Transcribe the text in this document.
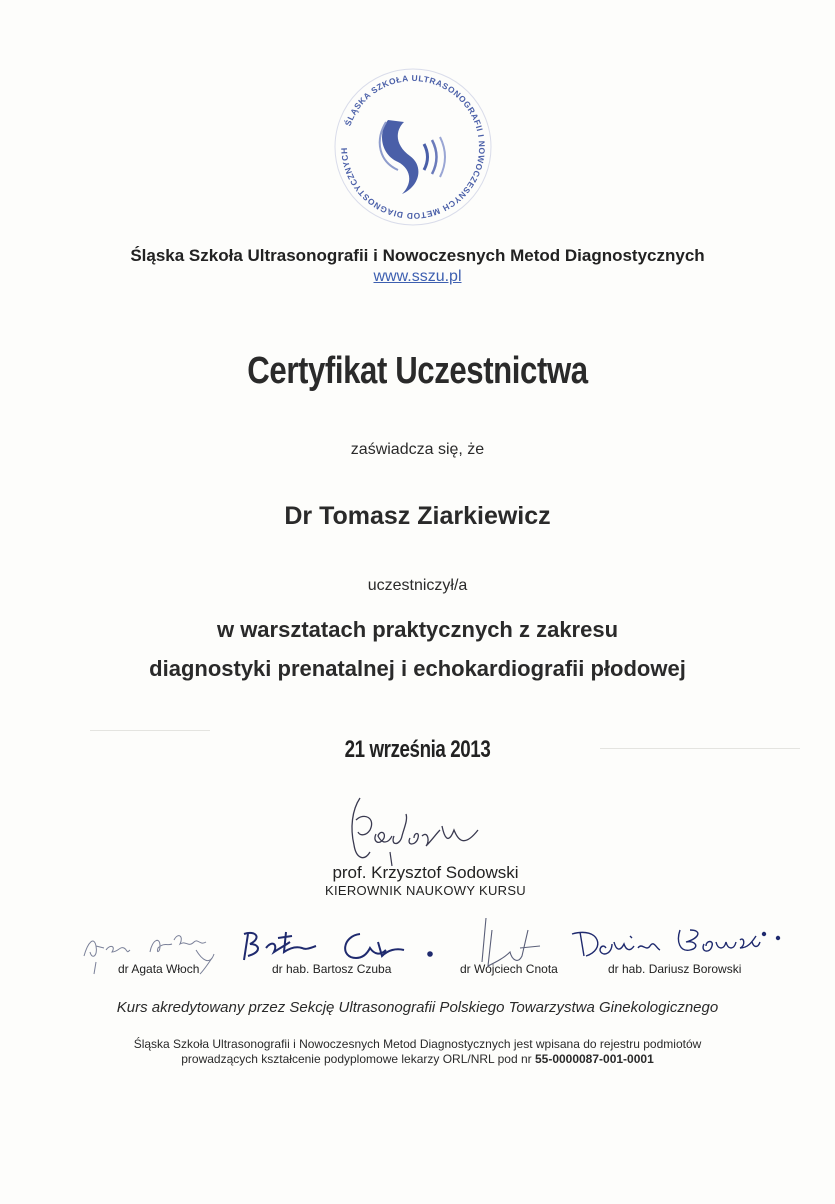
ŚLĄSKA SZKOŁA ULTRASONOGRAFII I NOWOCZESNYCH METOD DIAGNOSTYCZNYCH
Śląska Szkoła Ultrasonografii i Nowoczesnych Metod Diagnostycznych
www.sszu.pl
Certyfikat Uczestnictwa
zaświadcza się, że
Dr Tomasz Ziarkiewicz
uczestniczył/a
w warsztatach praktycznych z zakresu
diagnostyki prenatalnej i echokardiografii płodowej
21 września 2013
prof. Krzysztof Sodowski
KIEROWNIK NAUKOWY KURSU
dr Agata Włoch	dr hab. Bartosz Czuba	dr Wojciech Cnota	dr hab. Dariusz Borowski
Kurs akredytowany przez Sekcję Ultrasonografii Polskiego Towarzystwa Ginekologicznego
Śląska Szkoła Ultrasonografii i Nowoczesnych Metod Diagnostycznych jest wpisana do rejestru podmiotów
prowadzących kształcenie podyplomowe lekarzy ORL/NRL pod nr 55-0000087-001-0001
